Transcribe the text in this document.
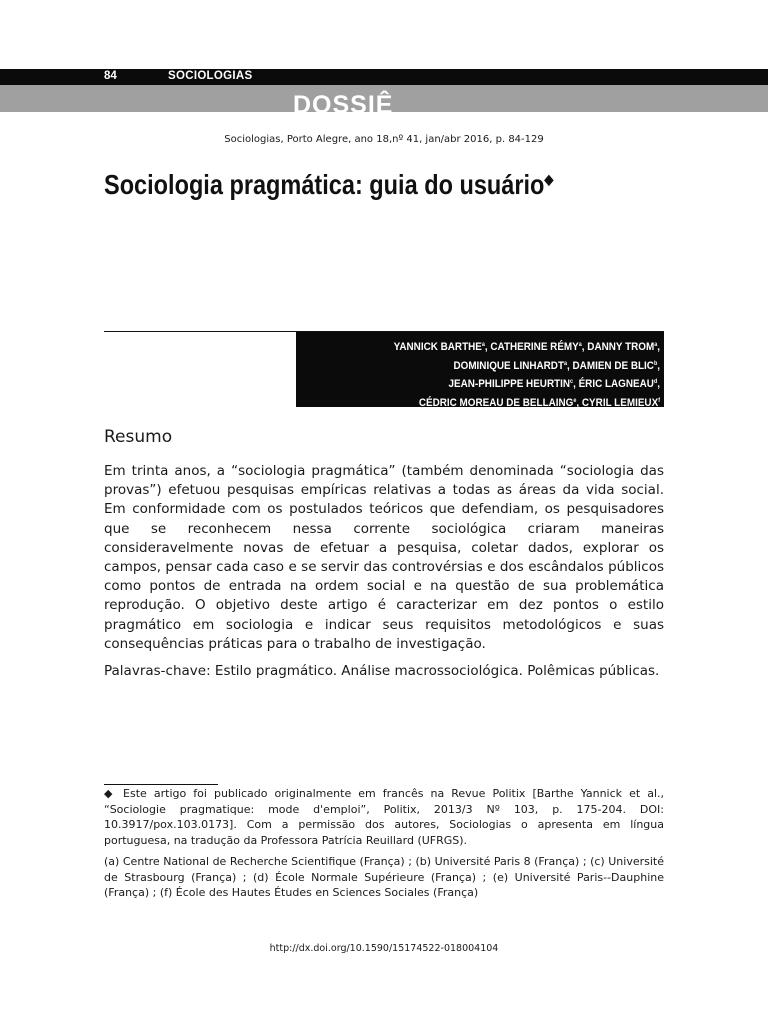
84	SOCIOLOGIAS
DOSSIÊ
Sociologias, Porto Alegre, ano 18,nº 41, jan/abr 2016, p. 84-129
Sociologia pragmática: guia do usuário◆
YANNICK BARTHE$^a$, CATHERINE RÉMY$^a$, DANNY TROM$^a$,
DOMINIQUE LINHARDT$^a$, DAMIEN DE BLIC$^b$,
JEAN-PHILIPPE HEURTIN$^c$, ÉRIC LAGNEAU$^d$,
CÉDRIC MOREAU DE BELLAING$^e$, CYRIL LEMIEUX$^f$
Resumo

Em trinta anos, a “sociologia pragmática” (também denominada “sociologia das provas”) efetuou pesquisas empíricas relativas a todas as áreas da vida social. Em conformidade com os postulados teóricos que defendiam, os pesquisadores que se reconhecem nessa corrente sociológica criaram maneiras consideravelmente novas de efetuar a pesquisa, coletar dados, explorar os campos, pensar cada caso e se servir das controvérsias e dos escândalos públicos como pontos de entrada na ordem social e na questão de sua problemática reprodução. O objetivo deste artigo é caracterizar em dez pontos o estilo pragmático em sociologia e indicar seus requisitos metodológicos e suas consequências práticas para o trabalho de investigação.

Palavras-chave: Estilo pragmático. Análise macrossociológica. Polêmicas públicas.

◆ Este artigo foi publicado originalmente em francês na Revue Politix [Barthe Yannick et al., “Sociologie pragmatique: mode d'emploi”, Politix, 2013/3 Nº 103, p. 175-204. DOI: 10.3917/pox.103.0173]. Com a permissão dos autores, Sociologias o apresenta em língua portuguesa, na tradução da Professora Patrícia Reuillard (UFRGS).

(a) Centre National de Recherche Scientifique (França) ; (b) Université Paris 8 (França) ; (c) Université de Strasbourg (França) ; (d) École Normale Supérieure (França) ; (e) Université Paris--Dauphine (França) ; (f) École des Hautes Études en Sciences Sociales (França)

http://dx.doi.org/10.1590/15174522-018004104
